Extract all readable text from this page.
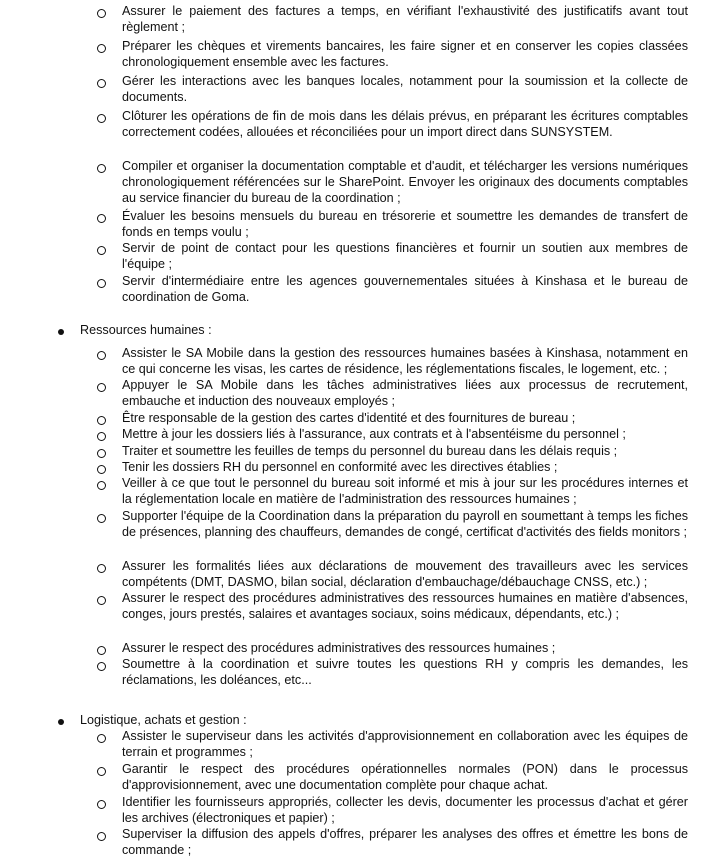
Assurer le paiement des factures a temps, en vérifiant l'exhaustivité des justificatifs avant tout règlement ;

Préparer les chèques et virements bancaires, les faire signer et en conserver les copies classées chronologiquement ensemble avec les factures.

Gérer les interactions avec les banques locales, notamment pour la soumission et la collecte de documents.

Clôturer les opérations de fin de mois dans les délais prévus, en préparant les écritures comptables correctement codées, allouées et réconciliées pour un import direct dans SUNSYSTEM.

Compiler et organiser la documentation comptable et d'audit, et télécharger les versions numériques chronologiquement référencées sur le SharePoint. Envoyer les originaux des documents comptables au service financier du bureau de la coordination ;

Évaluer les besoins mensuels du bureau en trésorerie et soumettre les demandes de transfert de fonds en temps voulu ;

Servir de point de contact pour les questions financières et fournir un soutien aux membres de l'équipe ;

Servir d'intermédiaire entre les agences gouvernementales situées à Kinshasa et le bureau de coordination de Goma.

Ressources humaines :

Assister le SA Mobile dans la gestion des ressources humaines basées à Kinshasa, notamment en ce qui concerne les visas, les cartes de résidence, les réglementations fiscales, le logement, etc. ;

Appuyer le SA Mobile dans les tâches administratives liées aux processus de recrutement, embauche et induction des nouveaux employés ;

Être responsable de la gestion des cartes d'identité et des fournitures de bureau ;

Mettre à jour les dossiers liés à l'assurance, aux contrats et à l'absentéisme du personnel ;

Traiter et soumettre les feuilles de temps du personnel du bureau dans les délais requis ;

Tenir les dossiers RH du personnel en conformité avec les directives établies ;

Veiller à ce que tout le personnel du bureau soit informé et mis à jour sur les procédures internes et la réglementation locale en matière de l'administration des ressources humaines ;

Supporter l'équipe de la Coordination dans la préparation du payroll en soumettant à temps les fiches de présences, planning des chauffeurs, demandes de congé, certificat d'activités des fields monitors ;

Assurer les formalités liées aux déclarations de mouvement des travailleurs avec les services compétents (DMT, DASMO, bilan social, déclaration d'embauchage/débauchage CNSS, etc.) ;

Assurer le respect des procédures administratives des ressources humaines en matière d'absences, conges, jours prestés, salaires et avantages sociaux, soins médicaux, dépendants, etc.) ;

Assurer le respect des procédures administratives des ressources humaines ;

Soumettre à la coordination et suivre toutes les questions RH y compris les demandes, les réclamations, les doléances, etc...

Logistique, achats et gestion :

Assister le superviseur dans les activités d'approvisionnement en collaboration avec les équipes de terrain et programmes ;

Garantir le respect des procédures opérationnelles normales (PON) dans le processus d'approvisionnement, avec une documentation complète pour chaque achat.

Identifier les fournisseurs appropriés, collecter les devis, documenter les processus d'achat et gérer les archives (électroniques et papier) ;

Superviser la diffusion des appels d'offres, préparer les analyses des offres et émettre les bons de commande ;
